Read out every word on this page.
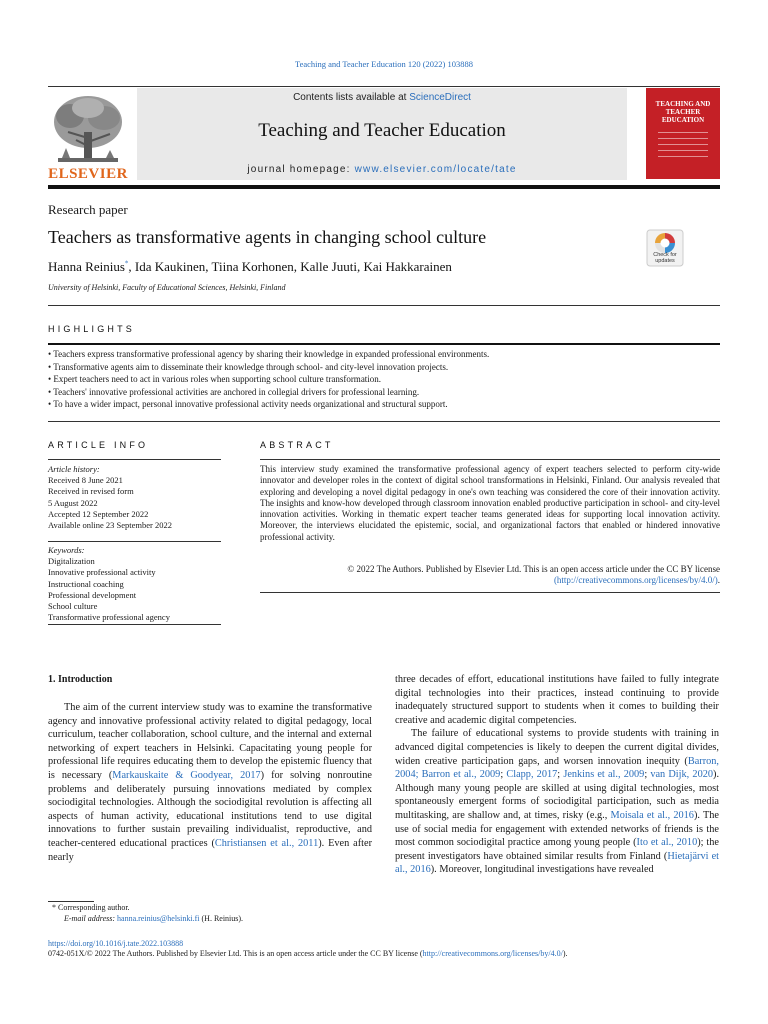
Teaching and Teacher Education 120 (2022) 103888
ELSEVIER
Contents lists available at ScienceDirect
Teaching and Teacher Education
journal homepage: www.elsevier.com/locate/tate
TEACHING AND TEACHER EDUCATION
Research paper
Teachers as transformative agents in changing school culture
Check for updates
Hanna Reinius*, Ida Kaukinen, Tiina Korhonen, Kalle Juuti, Kai Hakkarainen
University of Helsinki, Faculty of Educational Sciences, Helsinki, Finland
HIGHLIGHTS
• Teachers express transformative professional agency by sharing their knowledge in expanded professional environments.
• Transformative agents aim to disseminate their knowledge through school- and city-level innovation projects.
• Expert teachers need to act in various roles when supporting school culture transformation.
• Teachers' innovative professional activities are anchored in collegial drivers for professional learning.
• To have a wider impact, personal innovative professional activity needs organizational and structural support.
ARTICLE INFO
Article history:
Received 8 June 2021
Received in revised form
5 August 2022
Accepted 12 September 2022
Available online 23 September 2022
Keywords:
Digitalization
Innovative professional activity
Instructional coaching
Professional development
School culture
Transformative professional agency
ABSTRACT
This interview study examined the transformative professional agency of expert teachers selected to perform city-wide innovator and developer roles in the context of digital school transformations in Helsinki, Finland. Our analysis revealed that exploring and developing a novel digital pedagogy in one's own teaching was considered the core of their innovation activity. The insights and know-how developed through classroom innovation enabled productive participation in school- and city-level innovation activities. Working in thematic expert teacher teams generated ideas for supporting local innovation activity. Moreover, the interviews elucidated the epistemic, social, and organizational factors that enabled or hindered innovative professional activity.
© 2022 The Authors. Published by Elsevier Ltd. This is an open access article under the CC BY license
(http://creativecommons.org/licenses/by/4.0/).
1. Introduction

The aim of the current interview study was to examine the transformative agency and innovative professional activity related to digital pedagogy, local curriculum, teacher collaboration, school culture, and the internal and external networking of expert teachers in Helsinki. Capacitating young people for professional life requires educating them to develop the epistemic fluency that is necessary (Markauskaite & Goodyear, 2017) for solving nonroutine problems and deliberately pursuing innovations mediated by complex sociodigital technologies. Although the sociodigital revolution is affecting all aspects of human activity, educational institutions tend to use digital innovations to further sustain prevailing individualist, reproductive, and teacher-centered educational practices (Christiansen et al., 2011). Even after nearly

three decades of effort, educational institutions have failed to fully integrate digital technologies into their practices, instead continuing to provide inadequately structured support to students when it comes to building their creative and academic digital competencies.

The failure of educational systems to provide students with training in advanced digital competencies is likely to deepen the current digital divides, widen creative participation gaps, and worsen innovation inequity (Barron, 2004; Barron et al., 2009; Clapp, 2017; Jenkins et al., 2009; van Dijk, 2020). Although many young people are skilled at using digital technologies, most spontaneously emergent forms of sociodigital participation, such as media multitasking, are shallow and, at times, risky (e.g., Moisala et al., 2016). The use of social media for engagement with extended networks of friends is the most common sociodigital practice among young people (Ito et al., 2010); the present investigators have obtained similar results from Finland (Hietajärvi et al., 2016). Moreover, longitudinal investigations have revealed

* Corresponding author.
E-mail address: hanna.reinius@helsinki.fi (H. Reinius).
https://doi.org/10.1016/j.tate.2022.103888
0742-051X/© 2022 The Authors. Published by Elsevier Ltd. This is an open access article under the CC BY license (http://creativecommons.org/licenses/by/4.0/).
